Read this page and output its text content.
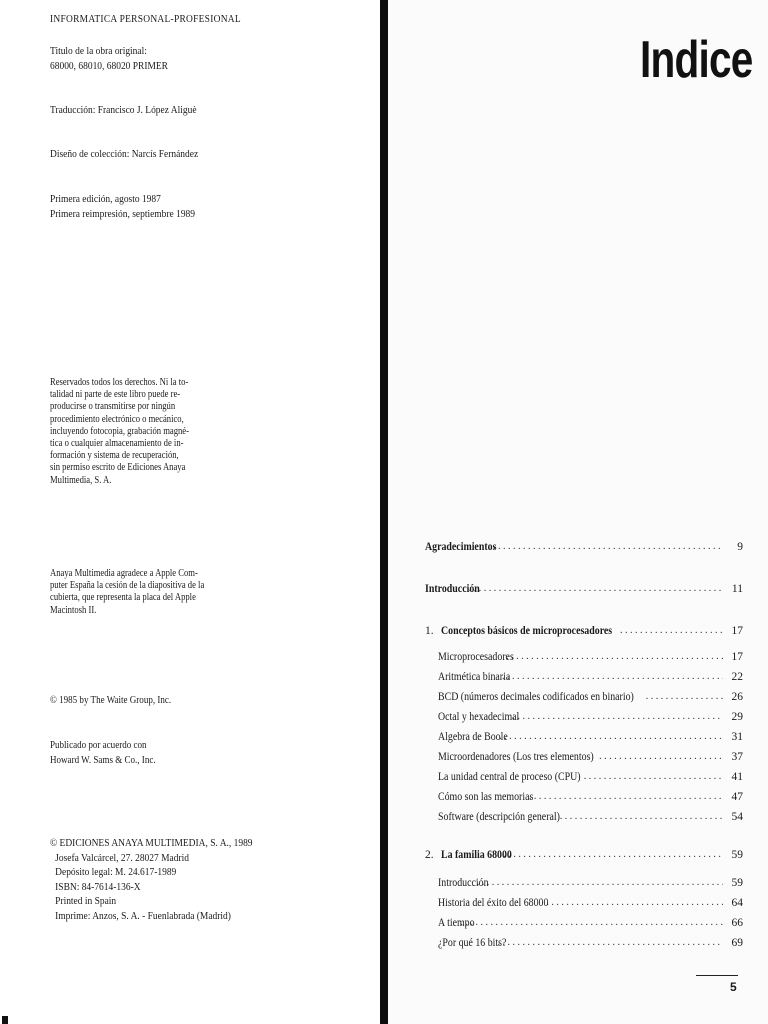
INFORMATICA PERSONAL-PROFESIONAL
Titulo de la obra original:
68000, 68010, 68020 PRIMER
Traducción: Francisco J. López Aliguè
Diseño de colección: Narcís Fernández
Primera edición, agosto 1987
Primera reimpresión, septiembre 1989
Reservados todos los derechos. Ni la to-
talidad ni parte de este libro puede re-
producirse o transmitirse por ningún
procedimiento electrónico o mecánico,
incluyendo fotocopia, grabación magné-
tica o cualquier almacenamiento de in-
formación y sistema de recuperación,
sin permiso escrito de Ediciones Anaya
Multimedia, S. A.
Anaya Multimedia agradece a Apple Com-
puter España la cesión de la diapositiva de la
cubierta, que representa la placa del Apple
Macintosh II.
© 1985 by The Waite Group, Inc.
Publicado por acuerdo con
Howard W. Sams & Co., Inc.
© EDICIONES ANAYA MULTIMEDIA, S. A., 1989
Josefa Valcárcel, 27. 28027 Madrid
Depósito legal: M. 24.617-1989
ISBN: 84-7614-136-X
Printed in Spain
Imprime: Anzos, S. A. - Fuenlabrada (Madrid)
Indice
Agradecimientos . . .	9
Introducción . . .	11
1. Conceptos básicos de microprocesadores . . .	17
Microprocesadores . . .	17
Aritmética binaria . . .	22
BCD (números decimales codificados en binario) . . .	26
Octal y hexadecimal . . .	29
Algebra de Boole . . .	31
Microordenadores (Los tres elementos) . . .	37
La unidad central de proceso (CPU) . . .	41
Cómo son las memorias . . .	47
Software (descripción general) . . .	54
2. La familia 68000 . . .	59
Introducción . . .	59
Historia del éxito del 68000 . . .	64
A tiempo . . .	66
¿Por qué 16 bits? . . .	69
5
